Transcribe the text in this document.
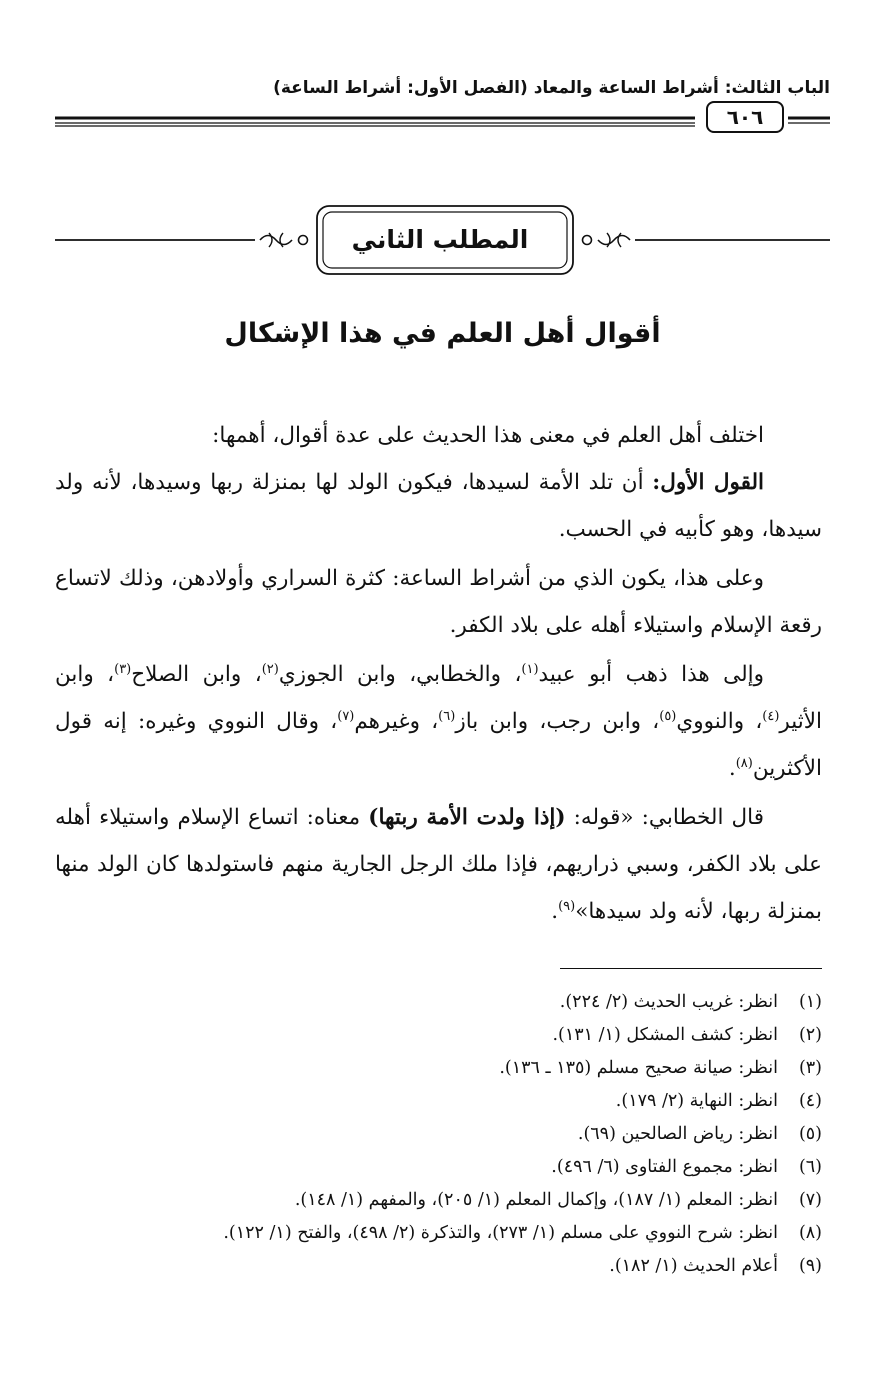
الباب الثالث: أشراط الساعة والمعاد (الفصل الأول: أشراط الساعة)
٦٠٦
المطلب الثاني
أقوال أهل العلم في هذا الإشكال

اختلف أهل العلم في معنى هذا الحديث على عدة أقوال، أهمها:

القول الأول: أن تلد الأمة لسيدها، فيكون الولد لها بمنزلة ربها وسيدها، لأنه ولد سيدها، وهو كأبيه في الحسب.

وعلى هذا، يكون الذي من أشراط الساعة: كثرة السراري وأولادهن، وذلك لاتساع رقعة الإسلام واستيلاء أهله على بلاد الكفر.

وإلى هذا ذهب أبو عبيد$^{(١)}$، والخطابي، وابن الجوزي$^{(٢)}$، وابن الصلاح$^{(٣)}$، وابن الأثير$^{(٤)}$، والنووي$^{(٥)}$، وابن رجب، وابن باز$^{(٦)}$، وغيرهم$^{(٧)}$، وقال النووي وغيره: إنه قول الأكثرين$^{(٨)}$.

قال الخطابي: «قوله: (إذا ولدت الأمة ربتها) معناه: اتساع الإسلام واستيلاء أهله على بلاد الكفر، وسبي ذراريهم، فإذا ملك الرجل الجارية منهم فاستولدها كان الولد منها بمنزلة ربها، لأنه ولد سيدها»$^{(٩)}$.

(١)انظر: غريب الحديث (٢/ ٢٢٤).
(٢)انظر: كشف المشكل (١/ ١٣١).
(٣)انظر: صيانة صحيح مسلم (١٣٥ ـ ١٣٦).
(٤)انظر: النهاية (٢/ ١٧٩).
(٥)انظر: رياض الصالحين (٦٩).
(٦)انظر: مجموع الفتاوى (٦/ ٤٩٦).
(٧)انظر: المعلم (١/ ١٨٧)، وإكمال المعلم (١/ ٢٠٥)، والمفهم (١/ ١٤٨).
(٨)انظر: شرح النووي على مسلم (١/ ٢٧٣)، والتذكرة (٢/ ٤٩٨)، والفتح (١/ ١٢٢).
(٩)أعلام الحديث (١/ ١٨٢).
